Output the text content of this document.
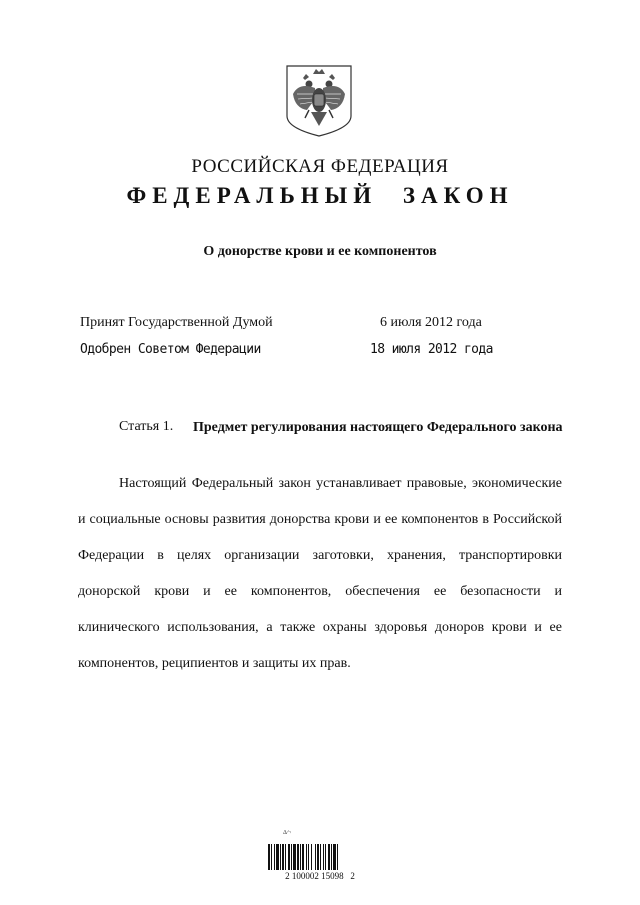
РОССИЙСКАЯ ФЕДЕРАЦИЯ
ФЕДЕРАЛЬНЫЙ ЗАКОН
О донорстве крови и ее компонентов
Принят Государственной Думой	6 июля 2012 года
Одобрен Советом Федерации	18 июля 2012 года
Статья 1. Предмет регулирования настоящего Федерального закона

Настоящий Федеральный закон устанавливает правовые, экономические и социальные основы развития донорства крови и ее компонентов в Российской Федерации в целях организации заготовки, хранения, транспортировки донорской крови и ее компонентов, обеспечения ее безопасности и клинического использования, а также охраны здоровья доноров крови и ее компонентов, реципиентов и защиты их прав.

Δ⁄¬
2 100002 15098   2
